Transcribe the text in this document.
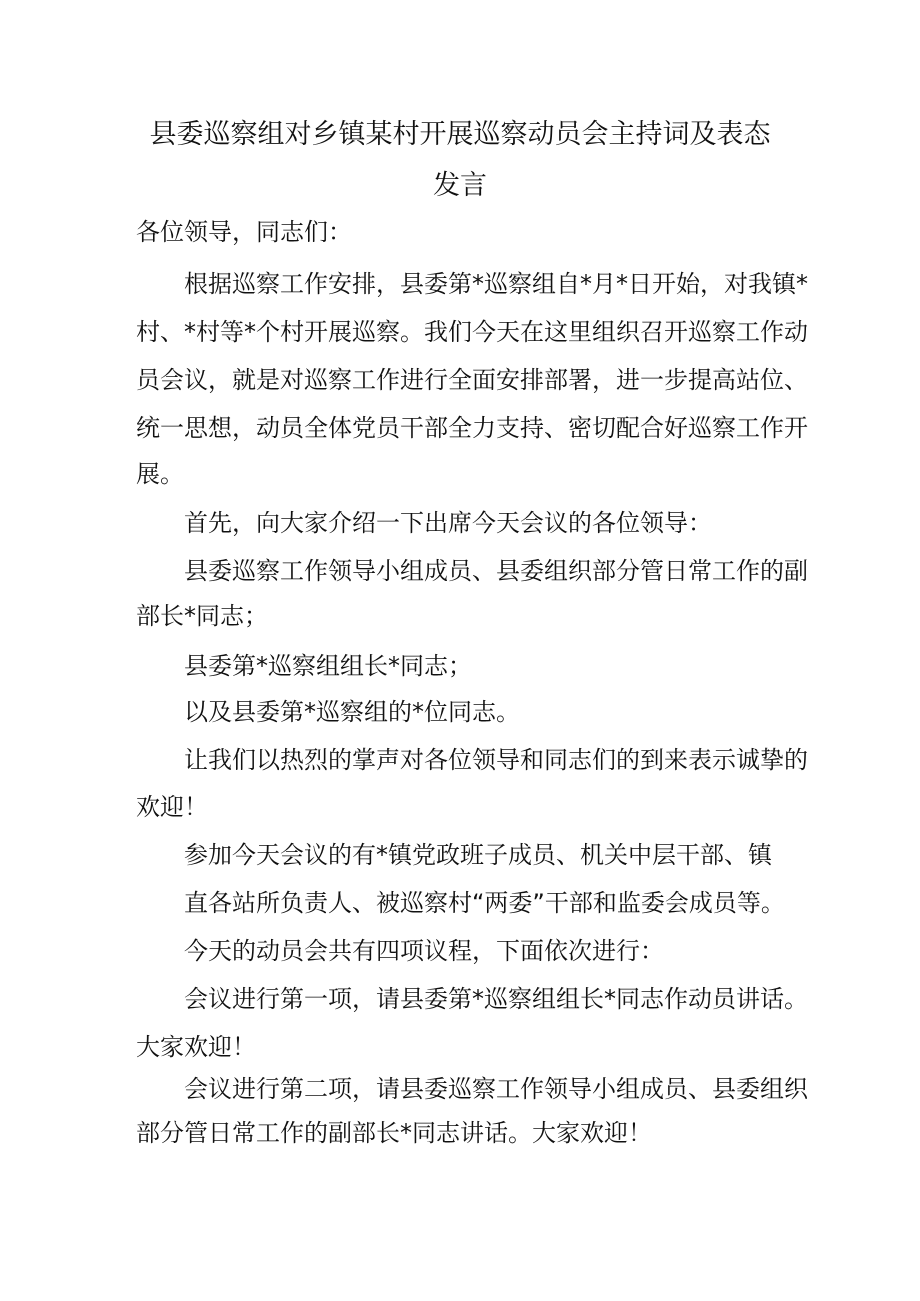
县委巡察组对乡镇某村开展巡察动员会主持词及表态
发言
各位领导，同志们：
根据巡察工作安排，县委第*巡察组自*月*日开始，对我镇*
村、*村等*个村开展巡察。我们今天在这里组织召开巡察工作动
员会议，就是对巡察工作进行全面安排部署，进一步提高站位、
统一思想，动员全体党员干部全力支持、密切配合好巡察工作开
展。
首先，向大家介绍一下出席今天会议的各位领导：
县委巡察工作领导小组成员、县委组织部分管日常工作的副
部长*同志；
县委第*巡察组组长*同志；
以及县委第*巡察组的*位同志。
让我们以热烈的掌声对各位领导和同志们的到来表示诚挚的
欢迎！
参加今天会议的有*镇党政班子成员、机关中层干部、镇
直各站所负责人、被巡察村“两委”干部和监委会成员等。
今天的动员会共有四项议程，下面依次进行：
会议进行第一项，请县委第*巡察组组长*同志作动员讲话。
大家欢迎！
会议进行第二项，请县委巡察工作领导小组成员、县委组织
部分管日常工作的副部长*同志讲话。大家欢迎！
